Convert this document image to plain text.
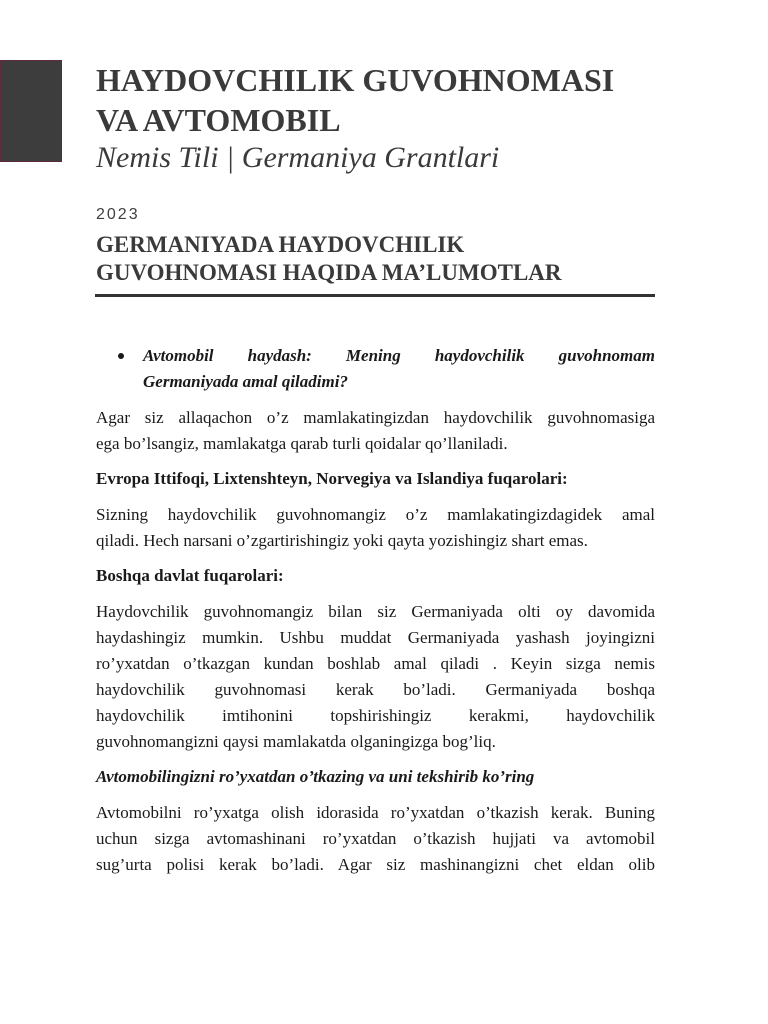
HAYDOVCHILIK GUVOHNOMASI
VA AVTOMOBIL
Nemis Tili | Germaniya Grantlari
2023
GERMANIYADA HAYDOVCHILIK
GUVOHNOMASI HAQIDA MA’LUMOTLAR
Avtomobil haydash: Mening haydovchilik guvohnomam
Germaniyada amal qiladimi?
Agar siz allaqachon o’z mamlakatingizdan haydovchilik guvohnomasiga
ega bo’lsangiz, mamlakatga qarab turli qoidalar qo’llaniladi.
Evropa Ittifoqi, Lixtenshteyn, Norvegiya va Islandiya fuqarolari:
Sizning haydovchilik guvohnomangiz o’z mamlakatingizdagidek amal
qiladi. Hech narsani o’zgartirishingiz yoki qayta yozishingiz shart emas.
Boshqa davlat fuqarolari:
Haydovchilik guvohnomangiz bilan siz Germaniyada olti oy davomida
haydashingiz mumkin. Ushbu muddat Germaniyada yashash joyingizni
ro’yxatdan o’tkazgan kundan boshlab amal qiladi . Keyin sizga nemis
haydovchilik guvohnomasi kerak bo’ladi. Germaniyada boshqa
haydovchilik imtihonini topshirishingiz kerakmi, haydovchilik
guvohnomangizni qaysi mamlakatda olganingizga bog’liq.
Avtomobilingizni ro’yxatdan o’tkazing va uni tekshirib ko’ring
Avtomobilni ro’yxatga olish idorasida ro’yxatdan o’tkazish kerak. Buning
uchun sizga avtomashinani ro’yxatdan o’tkazish hujjati va avtomobil
sug’urta polisi kerak bo’ladi. Agar siz mashinangizni chet eldan olib
